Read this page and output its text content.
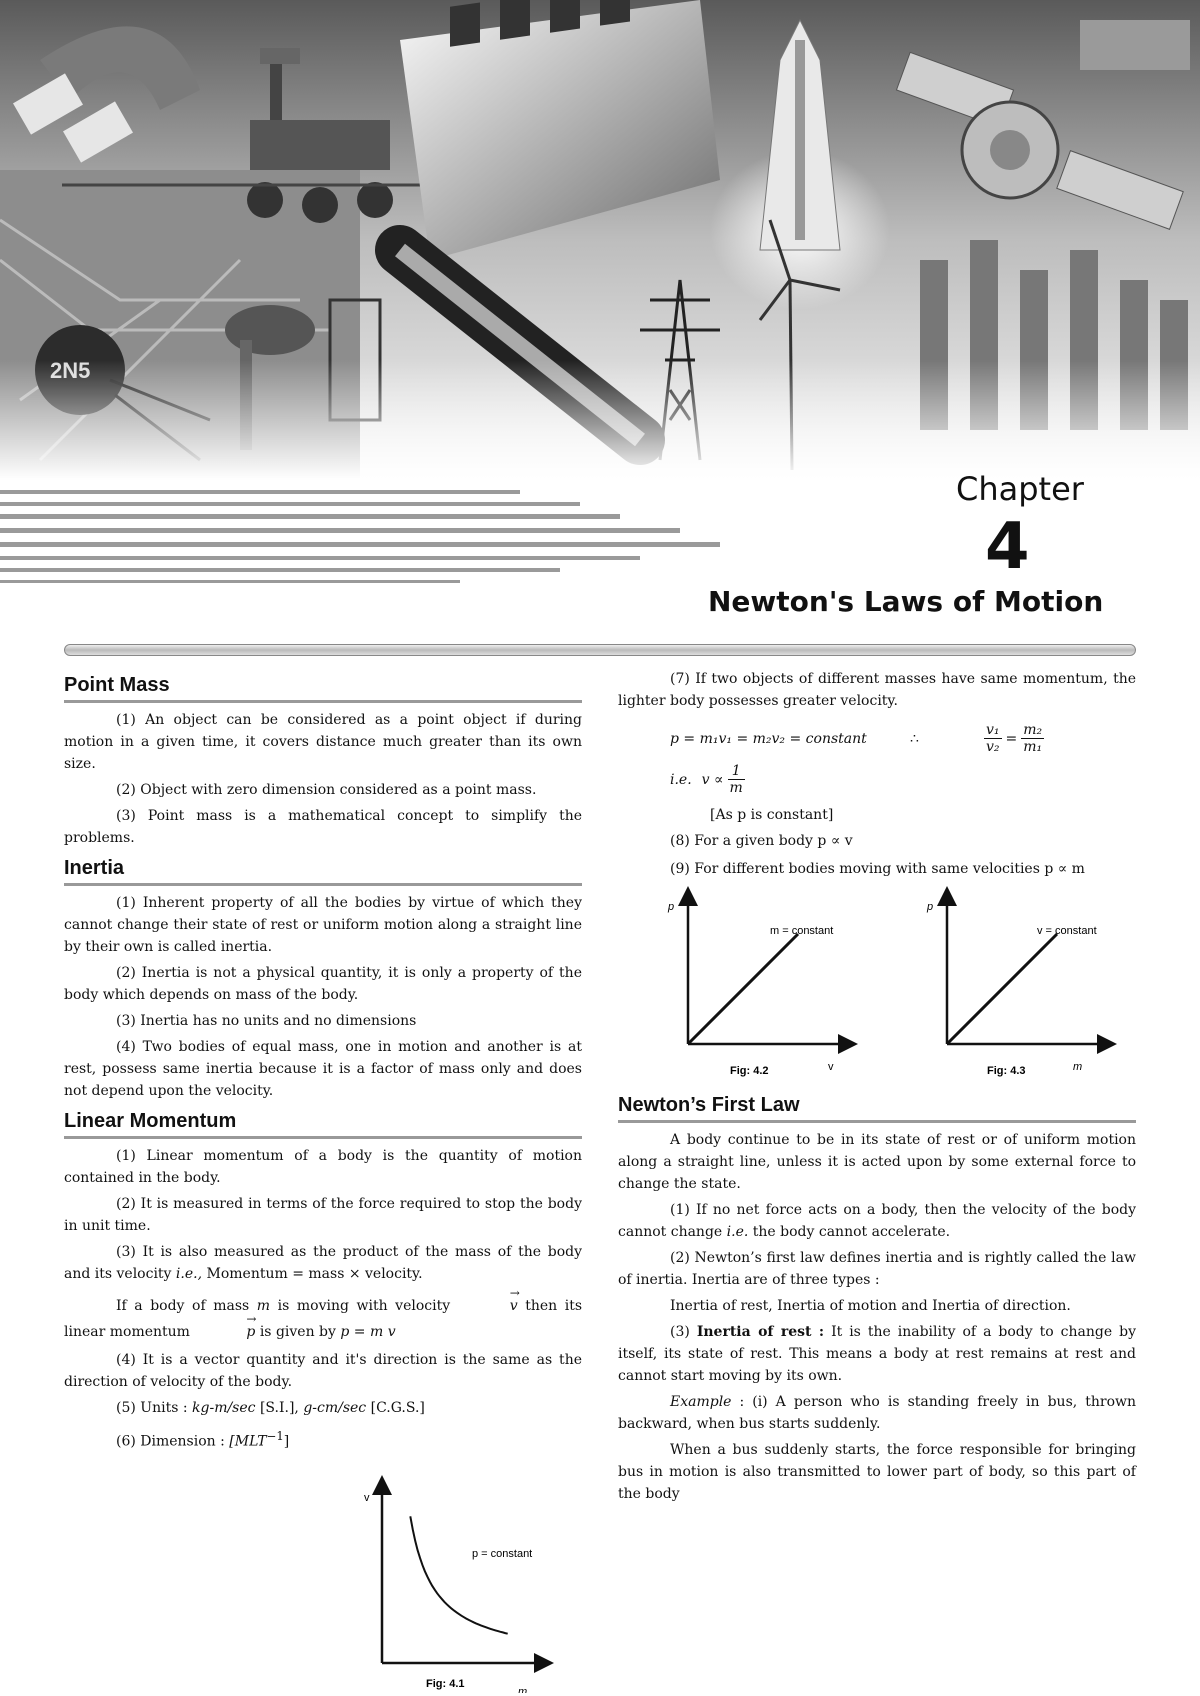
Chapter
4
Newton's Laws of Motion
Point Mass

(1) An object can be considered as a point object if during motion in a given time, it covers distance much greater than its own size.

(2) Object with zero dimension considered as a point mass.

(3) Point mass is a mathematical concept to simplify the problems.

Inertia

(1) Inherent property of all the bodies by virtue of which they cannot change their state of rest or uniform motion along a straight line by their own is called inertia.

(2) Inertia is not a physical quantity, it is only a property of the body which depends on mass of the body.

(3) Inertia has no units and no dimensions

(4) Two bodies of equal mass, one in motion and another is at rest, possess same inertia because it is a factor of mass only and does not depend upon the velocity.

Linear Momentum

(1) Linear momentum of a body is the quantity of motion contained in the body.

(2) It is measured in terms of the force required to stop the body in unit time.

(3) It is also measured as the product of the mass of the body and its velocity i.e., Momentum = mass × velocity.

If a body of mass m is moving with velocity	→ v then its linear momentum	→ p is given by p = m v

(4) It is a vector quantity and it's direction is the same as the direction of velocity of the body.

(5) Units : kg-m/sec [S.I.], g-cm/sec [C.G.S.]

(6) Dimension : $[MLT^{-1}]$

v
m
p = constant
Fig: 4.1

(7) If two objects of different masses have same momentum, the lighter body possesses greater velocity.

p = m₁v₁ = m₂v₂ = constant	∴	$\frac{\text{v₁}}{\text{v₂}} = \frac{\text{m₂}}{\text{m₁}}$
i.e. $v \propto \frac{1}{m}$

[As p is constant]

(8) For a given body p ∝ v

(9) For different bodies moving with same velocities p ∝ m

p
m = constant
v
Fig: 4.2
p
v = constant
m
Fig: 4.3
Newton’s First Law

A body continue to be in its state of rest or of uniform motion along a straight line, unless it is acted upon by some external force to change the state.

(1) If no net force acts on a body, then the velocity of the body cannot change i.e. the body cannot accelerate.

(2) Newton’s first law defines inertia and is rightly called the law of inertia. Inertia are of three types :

Inertia of rest, Inertia of motion and Inertia of direction.

(3) Inertia of rest : It is the inability of a body to change by itself, its state of rest. This means a body at rest remains at rest and cannot start moving by its own.

Example : (i) A person who is standing freely in bus, thrown backward, when bus starts suddenly.

When a bus suddenly starts, the force responsible for bringing bus in motion is also transmitted to lower part of body, so this part of the body
